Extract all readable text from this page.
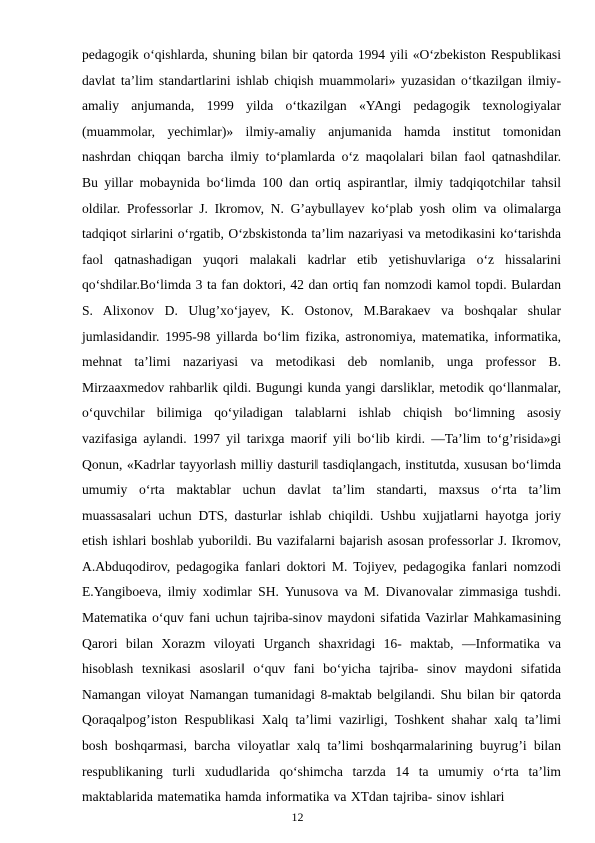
pedagogik oʻqishlarda, shuning bilan bir qatorda 1994 yili «Oʻzbekiston Respublikasi davlat taʼlim standartlarini ishlab chiqish muammolari» yuzasidan oʻtkazilgan ilmiy-amaliy anjumanda, 1999 yilda oʻtkazilgan «YAngi pedagogik texnologiyalar (muammolar, yechimlar)» ilmiy-amaliy anjumanida hamda institut tomonidan nashrdan chiqqan barcha ilmiy toʻplamlarda oʻz maqolalari bilan faol qatnashdilar. Bu yillar mobaynida boʻlimda 100 dan ortiq aspirantlar, ilmiy tadqiqotchilar tahsil oldilar. Professorlar J. Ikromov, N. G’aybullayev koʻplab yosh olim va olimalarga tadqiqot sirlarini oʻrgatib, Oʻzbskistonda taʼlim nazariyasi va metodikasini koʻtarishda faol qatnashadigan yuqori malakali kadrlar etib yetishuvlariga oʻz hissalarini qoʻshdilar.Boʻlimda 3 ta fan doktori, 42 dan ortiq fan nomzodi kamol topdi. Bulardan S. Alixonov D. Ulug’xoʻjayev, K. Ostonov, M.Barakaev va boshqalar shular jumlasidandir. 1995-98 yillarda boʻlim fizika, astronomiya, matematika, informatika, mehnat taʼlimi nazariyasi va metodikasi deb nomlanib, unga professor B. Mirzaaxmedov rahbarlik qildi. Bugungi kunda yangi darsliklar, metodik qoʻllanmalar, oʻquvchilar bilimiga qoʻyiladigan talablarni ishlab chiqish boʻlimning asosiy vazifasiga aylandi. 1997 yil tarixga maorif yili boʻlib kirdi. ―Taʼlim toʻg’risida»gi Qonun, «Kadrlar tayyorlash milliy dasturi‖ tasdiqlangach, institutda, xususan boʻlimda umumiy oʻrta maktablar uchun davlat taʼlim standarti, maxsus oʻrta taʼlim muassasalari uchun DTS, dasturlar ishlab chiqildi. Ushbu xujjatlarni hayotga joriy etish ishlari boshlab yuborildi. Bu vazifalarni bajarish asosan professorlar J. Ikromov, A.Abduqodirov, pedagogika fanlari doktori M. Tojiyev, pedagogika fanlari nomzodi E.Yangiboeva, ilmiy xodimlar SH. Yunusova va M. Divanovalar zimmasiga tushdi. Matematika oʻquv fani uchun tajriba-sinov maydoni sifatida Vazirlar Mahkamasining Qarori bilan Xorazm viloyati Urganch shaxridagi 16- maktab, ―Informatika va hisoblash texnikasi asoslari‖ oʻquv fani boʻyicha tajriba- sinov maydoni sifatida Namangan viloyat Namangan tumanidagi 8-maktab belgilandi. Shu bilan bir qatorda Qoraqalpog’iston Respublikasi Xalq taʼlimi vazirligi, Toshkent shahar xalq taʼlimi bosh boshqarmasi, barcha viloyatlar xalq taʼlimi boshqarmalarining buyrug’i bilan respublikaning turli xududlarida qoʻshimcha tarzda 14 ta umumiy oʻrta taʼlim maktablarida matematika hamda informatika va XTdan tajriba- sinov ishlari

12
